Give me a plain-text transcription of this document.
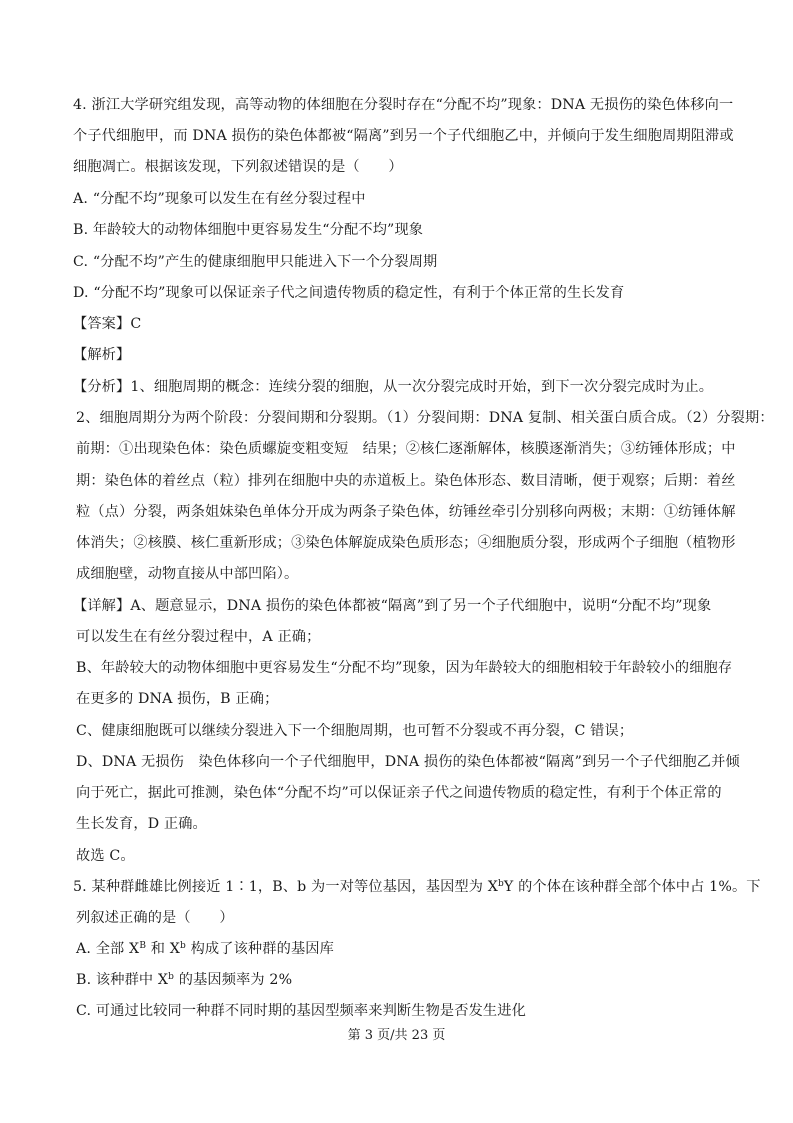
4. 浙江大学研究组发现，高等动物的体细胞在分裂时存在“分配不均”现象：DNA 无损伤的染色体移向一
个子代细胞甲，而 DNA 损伤的染色体都被“隔离”到另一个子代细胞乙中，并倾向于发生细胞周期阻滞或
细胞凋亡。根据该发现，下列叙述错误的是（　　）
A. “分配不均”现象可以发生在有丝分裂过程中
B. 年龄较大的动物体细胞中更容易发生“分配不均”现象
C. “分配不均”产生的健康细胞甲只能进入下一个分裂周期
D. “分配不均”现象可以保证亲子代之间遗传物质的稳定性，有利于个体正常的生长发育
【答案】C
【解析】
【分析】1、细胞周期的概念：连续分裂的细胞，从一次分裂完成时开始，到下一次分裂完成时为止。
2、细胞周期分为两个阶段：分裂间期和分裂期。（1）分裂间期：DNA 复制、相关蛋白质合成。（2）分裂期：
前期：①出现染色体：染色质螺旋变粗变短　结果；②核仁逐渐解体，核膜逐渐消失；③纺锤体形成；中
期：染色体的着丝点（粒）排列在细胞中央的赤道板上。染色体形态、数目清晰，便于观察；后期：着丝
粒（点）分裂，两条姐妹染色单体分开成为两条子染色体，纺锤丝牵引分别移向两极；末期：①纺锤体解
体消失；②核膜、核仁重新形成；③染色体解旋成染色质形态；④细胞质分裂，形成两个子细胞（植物形
成细胞壁，动物直接从中部凹陷）。
【详解】A、题意显示，DNA 损伤的染色体都被“隔离”到了另一个子代细胞中，说明“分配不均”现象
可以发生在有丝分裂过程中，A 正确；
B、年龄较大的动物体细胞中更容易发生“分配不均”现象，因为年龄较大的细胞相较于年龄较小的细胞存
在更多的 DNA 损伤，B 正确；
C、健康细胞既可以继续分裂进入下一个细胞周期，也可暂不分裂或不再分裂，C 错误；
D、DNA 无损伤　染色体移向一个子代细胞甲，DNA 损伤的染色体都被“隔离”到另一个子代细胞乙并倾
向于死亡，据此可推测，染色体“分配不均”可以保证亲子代之间遗传物质的稳定性，有利于个体正常的
生长发育，D 正确。
故选 C。
5. 某种群雌雄比例接近 1∶1，B、b 为一对等位基因，基因型为 $X^bY$ 的个体在该种群全部个体中占 1%。下
列叙述正确的是（　　）
A. 全部 $X^B$ 和 $X^b$ 构成了该种群的基因库
B. 该种群中 $X^b$ 的基因频率为 2%
C. 可通过比较同一种群不同时期的基因型频率来判断生物是否发生进化
第 3 页/共 23 页
